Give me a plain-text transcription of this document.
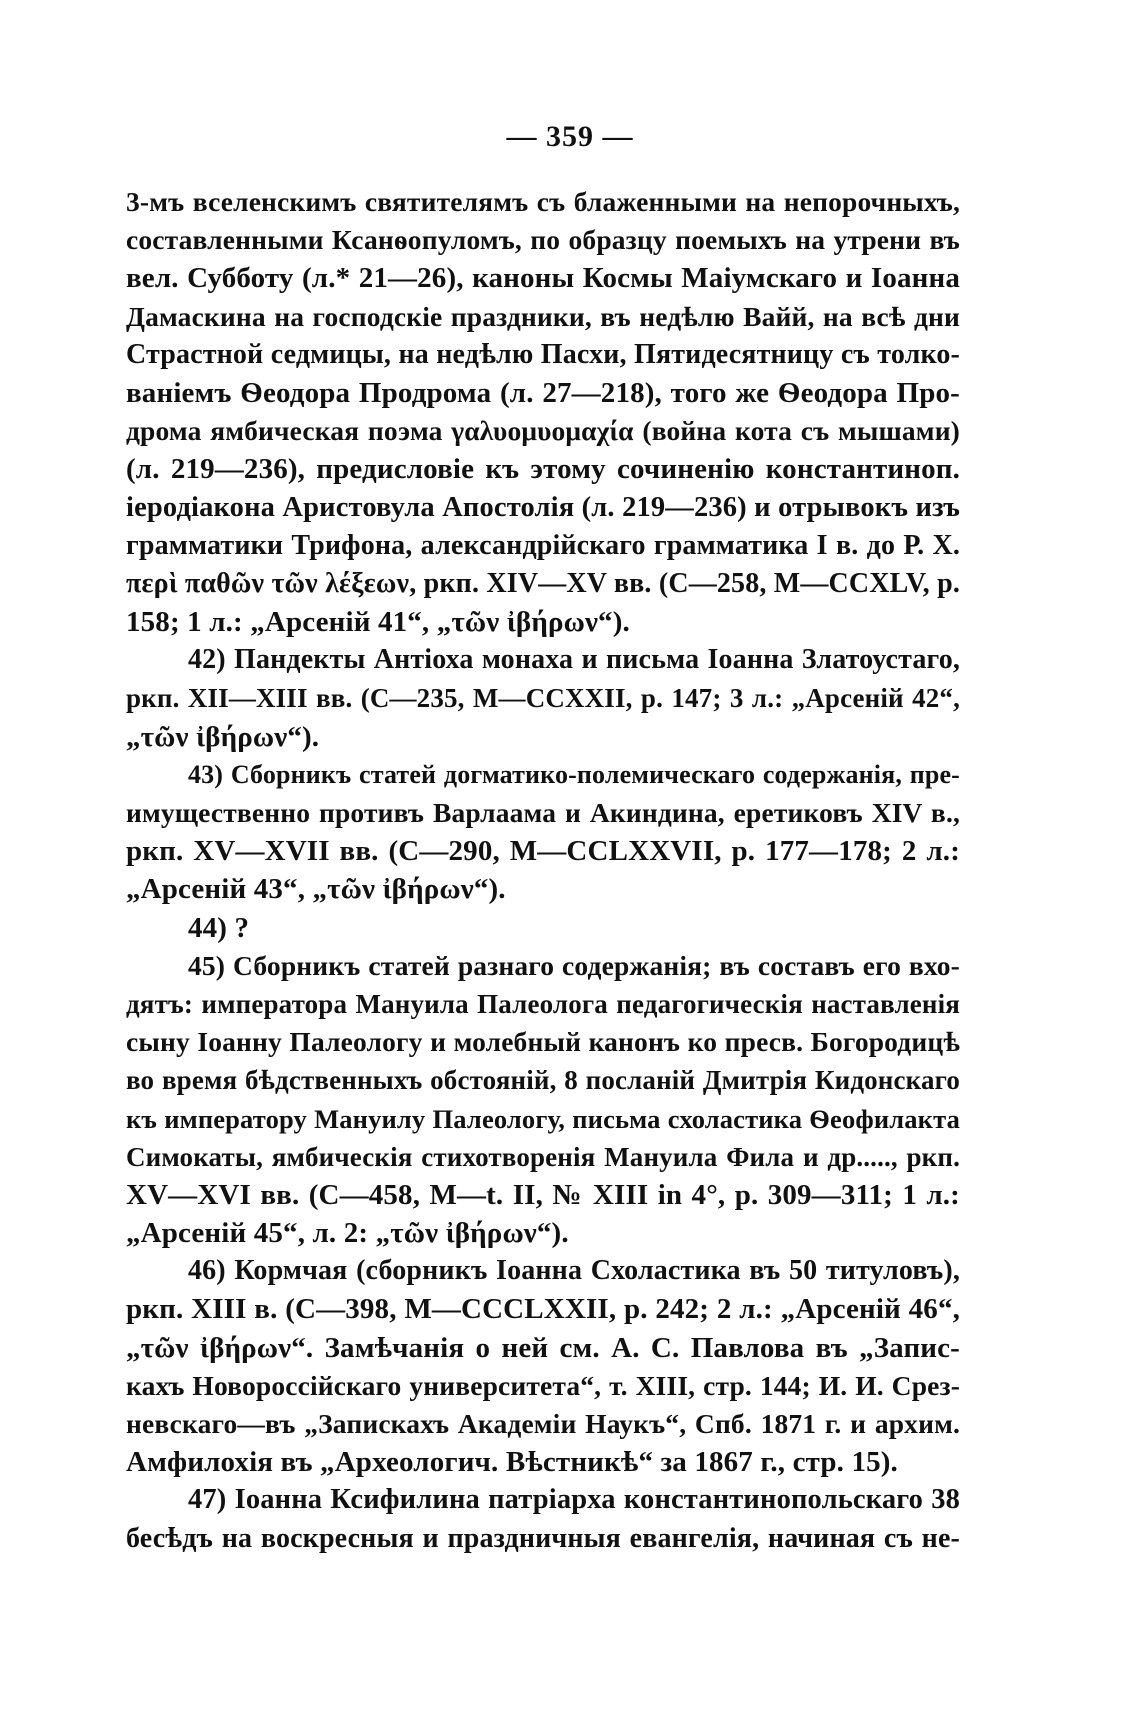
— 359 —
3-мъ вселенскимъ святителямъ съ блаженными на непорочныхъ,
составленными Ксанѳопуломъ, по образцу поемыхъ на утрени въ
вел. Субботу (л.* 21—26), каноны Космы Маіумскаго и Іоанна
Дамаскина на господскіе праздники, въ недѣлю Вайй, на всѣ дни
Страстной седмицы, на недѣлю Пасхи, Пятидесятницу съ толко-
ваніемъ Ѳеодора Продрома (л. 27—218), того же Ѳеодора Про-
дрома ямбическая поэма γαλυομυομαχία (война кота съ мышами)
(л. 219—236), предисловіе къ этому сочиненію константиноп.
іеродіакона Аристовула Апостолія (л. 219—236) и отрывокъ изъ
грамматики Трифона, александрійскаго грамматика І в. до Р. Х.
περὶ παθῶν τῶν λέξεων, ркп. XIV—XV вв. (С—258, М—CCXLV, р.
158; 1 л.: „Арсеній 41“, „τῶν ἰβήρων“).
42) Пандекты Антіоха монаха и письма Іоанна Златоустаго,
ркп. XII—XIII вв. (С—235, М—CCXXII, р. 147; 3 л.: „Арсеній 42“,
„τῶν ἰβήρων“).
43) Сборникъ статей догматико-полемическаго содержанія, пре-
имущественно противъ Варлаама и Акиндина, еретиковъ XIV в.,
ркп. XV—XVII вв. (С—290, М—CCLXXVII, р. 177—178; 2 л.:
„Арсеній 43“, „τῶν ἰβήρων“).
44) ?
45) Сборникъ статей разнаго содержанія; въ составъ его вхо-
дятъ: императора Мануила Палеолога педагогическія наставленія
сыну Іоанну Палеологу и молебный канонъ ко пресв. Богородицѣ
во время бѣдственныхъ обстояній, 8 посланій Дмитрія Кидонскаго
къ императору Мануилу Палеологу, письма схоластика Ѳеофилакта
Симокаты, ямбическія стихотворенія Мануила Фила и др....., ркп.
XV—XVI вв. (С—458, М—t. II, № XIII in 4°, р. 309—311; 1 л.:
„Арсеній 45“, л. 2: „τῶν ἰβήρων“).
46) Кормчая (сборникъ Іоанна Схоластика въ 50 титуловъ),
ркп. XIII в. (С—398, М—CCCLXXII, р. 242; 2 л.: „Арсеній 46“,
„τῶν ἰβήρων“. Замѣчанія о ней см. А. С. Павлова въ „Запис-
кахъ Новороссійскаго университета“, т. XIII, стр. 144; И. И. Срез-
невскаго—въ „Запискахъ Академіи Наукъ“, Спб. 1871 г. и архим.
Амфилохія въ „Археологич. Вѣстникѣ“ за 1867 г., стр. 15).
47) Іоанна Ксифилина патріарха константинопольскаго 38
бесѣдъ на воскресныя и праздничныя евангелія, начиная съ не-
